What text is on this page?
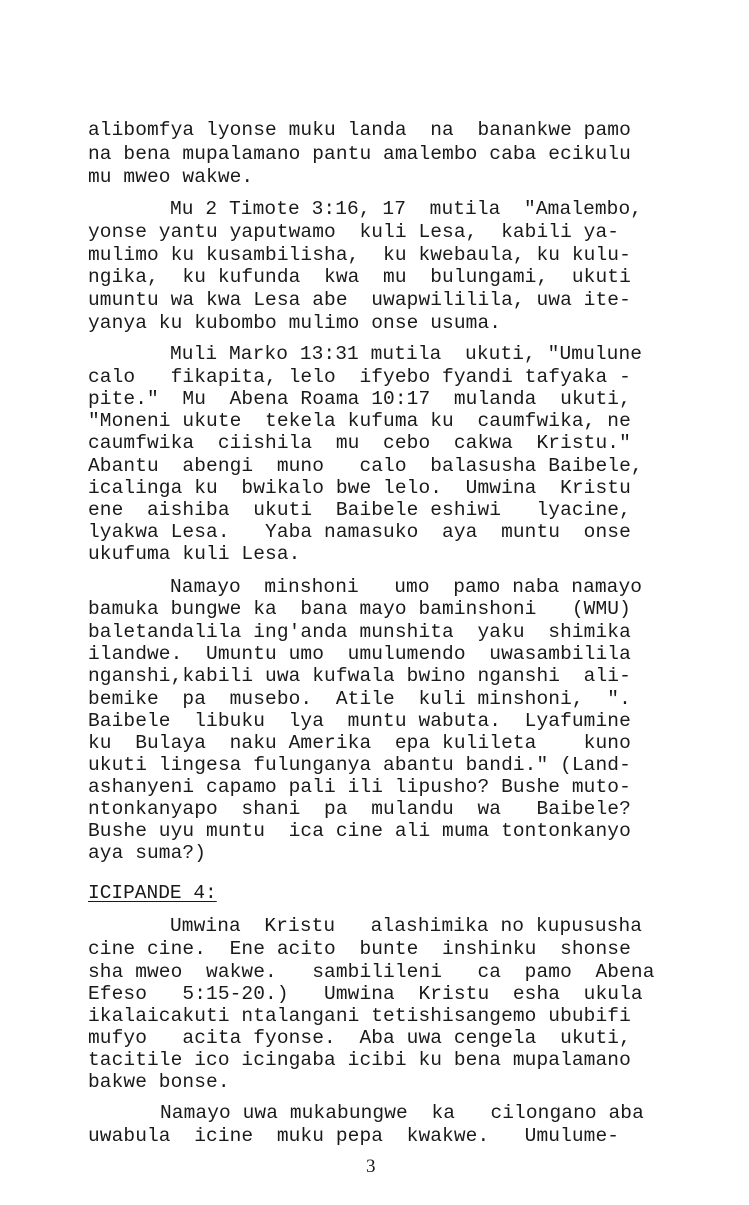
alibomfya lyonse muku landa  na  banankwe pamo
na bena mupalamano pantu amalembo caba ecikulu
mu mweo wakwe.
Mu 2 Timote 3:16, 17  mutila  "Amalembo,
yonse yantu yaputwamo  kuli Lesa,  kabili ya-
mulimo ku kusambilisha,  ku kwebaula, ku kulu-
ngika,  ku kufunda  kwa  mu  bulungami,  ukuti
umuntu wa kwa Lesa abe  uwapwililila, uwa ite-
yanya ku kubombo mulimo onse usuma.
Muli Marko 13:31 mutila  ukuti, "Umulune
calo   fikapita, lelo  ifyebo fyandi tafyaka -
pite."  Mu  Abena Roama 10:17  mulanda  ukuti,
"Moneni ukute  tekela kufuma ku  caumfwika, ne
caumfwika  ciishila  mu  cebo  cakwa  Kristu."
Abantu  abengi  muno   calo  balasusha Baibele,
icalinga ku  bwikalo bwe lelo.  Umwina  Kristu
ene  aishiba  ukuti  Baibele eshiwi   lyacine,
lyakwa Lesa.   Yaba namasuko  aya  muntu  onse
ukufuma kuli Lesa.
Namayo  minshoni   umo  pamo naba namayo
bamuka bungwe ka  bana mayo baminshoni   (WMU)
baletandalila ing'anda munshita  yaku  shimika
ilandwe.  Umuntu umo  umulumendo  uwasambilila
nganshi,kabili uwa kufwala bwino nganshi  ali-
bemike  pa  musebo.  Atile  kuli minshoni,  ".
Baibele  libuku  lya  muntu wabuta.  Lyafumine
ku  Bulaya  naku Amerika  epa kulileta    kuno
ukuti lingesa fulunganya abantu bandi." (Land-
ashanyeni capamo pali ili lipusho? Bushe muto-
ntonkanyapo  shani  pa  mulandu  wa   Baibele?
Bushe uyu muntu  ica cine ali muma tontonkanyo
aya suma?)
ICIPANDE 4:
Umwina  Kristu   alashimika no kupususha
cine cine.  Ene acito  bunte  inshinku  shonse
sha mweo  wakwe.   sambilileni   ca  pamo  Abena
Efeso   5:15-20.)   Umwina  Kristu  esha  ukula
ikalaicakuti ntalangani tetishisangemo ububifi
mufyo   acita fyonse.  Aba uwa cengela  ukuti,
tacitile ico icingaba icibi ku bena mupalamano
bakwe bonse.
Namayo uwa mukabungwe  ka   cilongano aba
uwabula  icine  muku pepa  kwakwe.   Umulume-
3
